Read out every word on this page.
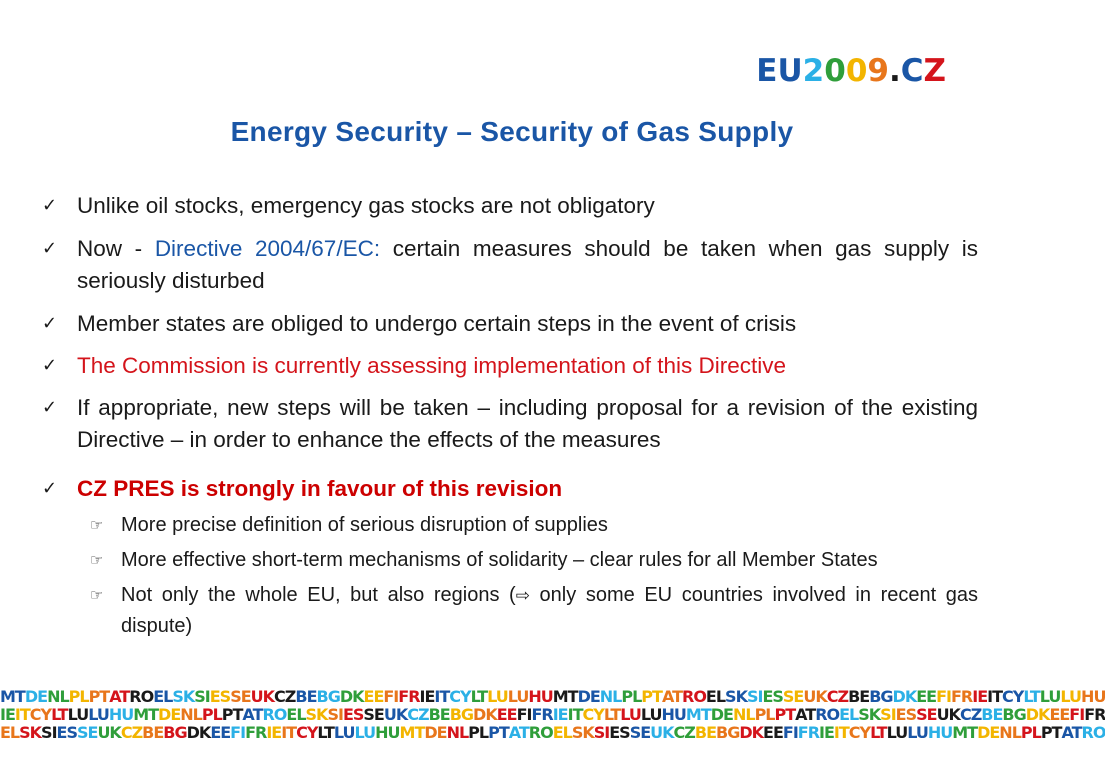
EU2009.CZ
Energy Security – Security of Gas Supply
✓ Unlike oil stocks, emergency gas stocks are not obligatory
✓ Now - Directive 2004/67/EC: certain measures should be taken when gas supply is seriously disturbed
✓ Member states are obliged to undergo certain steps in the event of crisis
✓ The Commission is currently assessing implementation of this Directive
✓ If appropriate, new steps will be taken – including proposal for a revision of the existing Directive – in order to enhance the effects of the measures
✓ CZ PRES is strongly in favour of this revision
☞ More precise definition of serious disruption of supplies
☞ More effective short-term mechanisms of solidarity – clear rules for all Member States
☞ Not only the whole EU, but also regions (⇨ only some EU countries involved in recent gas dispute)
MTDENLPLPTATROELSKSIESSEUKCZBEBGDKEEFIFRIEITCYLTLULUHUMTDENLPLPTATROELSKSIESSEUKCZBEBGDKEEFIFRIEITCYLTLULUHU
IEITCYLTLULUHUMTDENLPLPTATROELSKSIESSEUKCZBEBGDKEEFIFRIEITCYLTLULUHUMTDENLPLPTATROELSKSIESSEUKCZBEBGDKEEFIFR
ELSKSIESSEUKCZBEBGDKEEFIFRIEITCYLTLULUHUMTDENLPLPTATROELSKSIESSEUKCZBEBGDKEEFIFRIEITCYLTLULUHUMTDENLPLPTATRO
